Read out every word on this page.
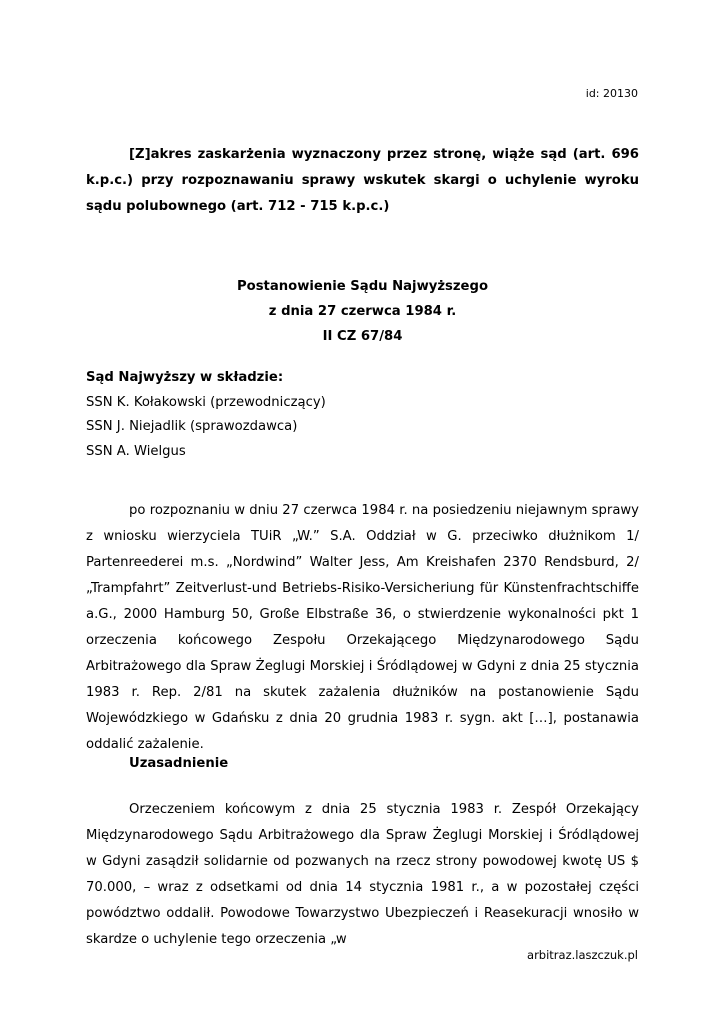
id: 20130

[Z]akres zaskarżenia wyznaczony przez stronę, wiąże sąd (art. 696 k.p.c.) przy rozpoznawaniu sprawy wskutek skargi o uchylenie wyroku sądu polubownego (art. 712 - 715 k.p.c.)

Postanowienie Sądu Najwyższego
z dnia 27 czerwca 1984 r.
II CZ 67/84
Sąd Najwyższy w składzie:
SSN K. Kołakowski (przewodniczący)
SSN J. Niejadlik (sprawozdawca)
SSN A. Wielgus

po rozpoznaniu w dniu 27 czerwca 1984 r. na posiedzeniu niejawnym sprawy z wniosku wierzyciela TUiR „W.” S.A. Oddział w G. przeciwko dłużnikom 1/ Partenreederei m.s. „Nordwind” Walter Jess, Am Kreishafen 2370 Rendsburd, 2/ „Trampfahrt” Zeitverlust-und Betriebs-Risiko-Versicheriung für Künstenfrachtschiffe a.G., 2000 Hamburg 50, Große Elbstraße 36, o stwierdzenie wykonalności pkt 1 orzeczenia końcowego Zespołu Orzekającego Międzynarodowego Sądu Arbitrażowego dla Spraw Żeglugi Morskiej i Śródlądowej w Gdyni z dnia 25 stycznia 1983 r. Rep. 2/81 na skutek zażalenia dłużników na postanowienie Sądu Wojewódzkiego w Gdańsku z dnia 20 grudnia 1983 r. sygn. akt […], postanawia oddalić zażalenie.

Uzasadnienie

Orzeczeniem końcowym z dnia 25 stycznia 1983 r. Zespół Orzekający Międzynarodowego Sądu Arbitrażowego dla Spraw Żeglugi Morskiej i Śródlądowej w Gdyni zasądził solidarnie od pozwanych na rzecz strony powodowej kwotę US $ 70.000, – wraz z odsetkami od dnia 14 stycznia 1981 r., a w pozostałej części powództwo oddalił. Powodowe Towarzystwo Ubezpieczeń i Reasekuracji wnosiło w skardze o uchylenie tego orzeczenia „w

arbitraz.laszczuk.pl
